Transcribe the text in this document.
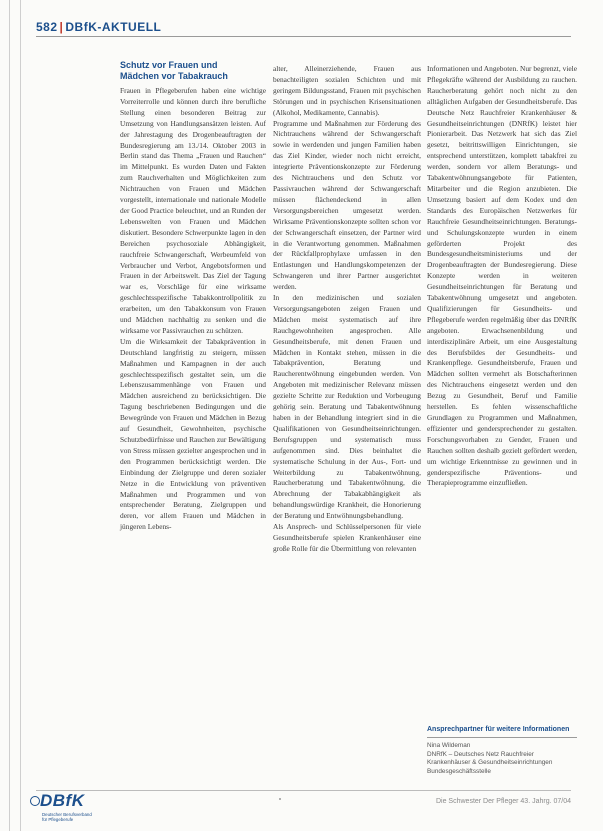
582 | DBfK-AKTUELL
Schutz vor Frauen und
Mädchen vor Tabakrauch

Frauen in Pflegeberufen haben eine wichtige Vorreiterrolle und können durch ihre berufliche Stellung einen besonderen Beitrag zur Umsetzung von Handlungsansätzen leisten. Auf der Jahrestagung des Drogenbeauftragten der Bundesregierung am 13./14. Oktober 2003 in Berlin stand das Thema „Frauen und Rauchen“ im Mittelpunkt. Es wurden Daten und Fakten zum Rauchverhalten und Möglichkeiten zum Nichtrauchen von Frauen und Mädchen vorgestellt, internationale und nationale Modelle der Good Practice beleuchtet, und an Runden der Lebenswelten von Frauen und Mädchen diskutiert. Besondere Schwerpunkte lagen in den Bereichen psychosoziale Abhängigkeit, rauchfreie Schwangerschaft, Werbeumfeld von Verbraucher und Verbot, Angebotsformen und Frauen in der Arbeitswelt. Das Ziel der Tagung war es, Vorschläge für eine wirksame geschlechtsspezifische Tabakkontrollpolitik zu erarbeiten, um den Tabakkonsum von Frauen und Mädchen nachhaltig zu senken und die wirksame vor Passivrauchen zu schützen.

Um die Wirksamkeit der Tabakprävention in Deutschland langfristig zu steigern, müssen Maßnahmen und Kampagnen in der auch geschlechtsspezifisch gestaltet sein, um die Lebenszusammenhänge von Frauen und Mädchen ausreichend zu berücksichtigen. Die Tagung beschriebenen Bedingungen und die Bewegründe von Frauen und Mädchen in Bezug auf Gesundheit, Gewohnheiten, psychische Schutzbedürfnisse und Rauchen zur Bewältigung von Stress müssen gezielter angesprochen und in den Programmen berücksichtigt werden. Die Einbindung der Zielgruppe und deren sozialer Netze in die Entwicklung von präventiven Maßnahmen und Programmen und von entsprechender Beratung, Zielgruppen und deren, vor allem Frauen und Mädchen in jüngeren Lebens-

alter, Alleinerziehende, Frauen aus benachteiligten sozialen Schichten und mit geringem Bildungsstand, Frauen mit psychischen Störungen und in psychischen Krisensituationen (Alkohol, Medikamente, Cannabis).

Programme und Maßnahmen zur Förderung des Nichtrauchens während der Schwangerschaft sowie in werdenden und jungen Familien haben das Ziel Kinder, wieder noch nicht erreicht, integrierte Präventionskonzepte zur Förderung des Nichtrauchens und den Schutz vor Passivrauchen während der Schwangerschaft müssen flächendeckend in allen Versorgungsbereichen umgesetzt werden. Wirksame Präventionskonzepte sollten schon vor der Schwangerschaft einsetzen, der Partner wird in die Verantwortung genommen. Maßnahmen der Rückfallprophylaxe umfassen in den Entlastungen und Handlungskompetenzen der Schwangeren und ihrer Partner ausgerichtet werden.

In den medizinischen und sozialen Versorgungsangeboten zeigen Frauen und Mädchen meist systematisch auf ihre Rauchgewohnheiten angesprochen. Alle Gesundheitsberufe, mit denen Frauen und Mädchen in Kontakt stehen, müssen in die Tabakprävention, Beratung und Raucherentwöhnung eingebunden werden. Von Angeboten mit medizinischer Relevanz müssen gezielte Schritte zur Reduktion und Vorbeugung gehörig sein. Beratung und Tabakentwöhnung haben in der Behandlung integriert sind in die Qualifikationen von Gesundheitseinrichtungen. Berufsgruppen und systematisch muss aufgenommen sind. Dies beinhaltet die systematische Schulung in der Aus-, Fort- und Weiterbildung zu Tabakentwöhnung, Raucherberatung und Tabakentwöhnung, die Abrechnung der Tabakabhängigkeit als behandlungswürdige Krankheit, die Honorierung der Beratung und Entwöhnungsbehandlung.

Als Ansprech- und Schlüsselpersonen für viele Gesundheitsberufe spielen Krankenhäuser eine große Rolle für die Übermittlung von relevanten

Informationen und Angeboten. Nur begrenzt, viele Pflegekräfte während der Ausbildung zu rauchen. Raucherberatung gehört noch nicht zu den alltäglichen Aufgaben der Gesundheitsberufe. Das Deutsche Netz Rauchfreier Krankenhäuser & Gesundheitseinrichtungen (DNRfK) leistet hier Pionierarbeit. Das Netzwerk hat sich das Ziel gesetzt, beitrittswilligen Einrichtungen, sie entsprechend unterstützen, komplett tabakfrei zu werden, sondern vor allem Beratungs- und Tabakentwöhnungsangebote für Patienten, Mitarbeiter und die Region anzubieten. Die Umsetzung basiert auf dem Kodex und den Standards des Europäischen Netzwerkes für Rauchfreie Gesundheitseinrichtungen. Beratungs- und Schulungskonzepte wurden in einem geförderten Projekt des Bundesgesundheitsministeriums und der Drogenbeauftragten der Bundesregierung. Diese Konzepte werden in weiteren Gesundheitseinrichtungen für Beratung und Tabakentwöhnung umgesetzt und angeboten. Qualifizierungen für Gesundheits- und Pflegeberufe werden regelmäßig über das DNRfK angeboten. Erwachsenenbildung und interdisziplinäre Arbeit, um eine Ausgestaltung des Berufsbildes der Gesundheits- und Krankenpflege. Gesundheitsberufe, Frauen und Mädchen sollten vermehrt als Botschafterinnen des Nichtrauchens eingesetzt werden und den Bezug zu Gesundheit, Beruf und Familie herstellen. Es fehlen wissenschaftliche Grundlagen zu Programmen und Maßnahmen, effizienter und gendersprechender zu gestalten. Forschungsvorhaben zu Gender, Frauen und Rauchen sollten deshalb gezielt gefördert werden, um wichtige Erkenntnisse zu gewinnen und in genderspezifische Präventions- und Therapieprogramme einzufließen.

Ansprechpartner für weitere Informationen
Nina Wildeman
DNRfK – Deutsches Netz Rauchfreier
Krankenhäuser & Gesundheitseinrichtungen
Bundesgeschäftsstelle
DBfK
Deutscher Berufsverband
für Pflegeberufe
Die Schwester Der Pfleger 43. Jahrg. 07/04
